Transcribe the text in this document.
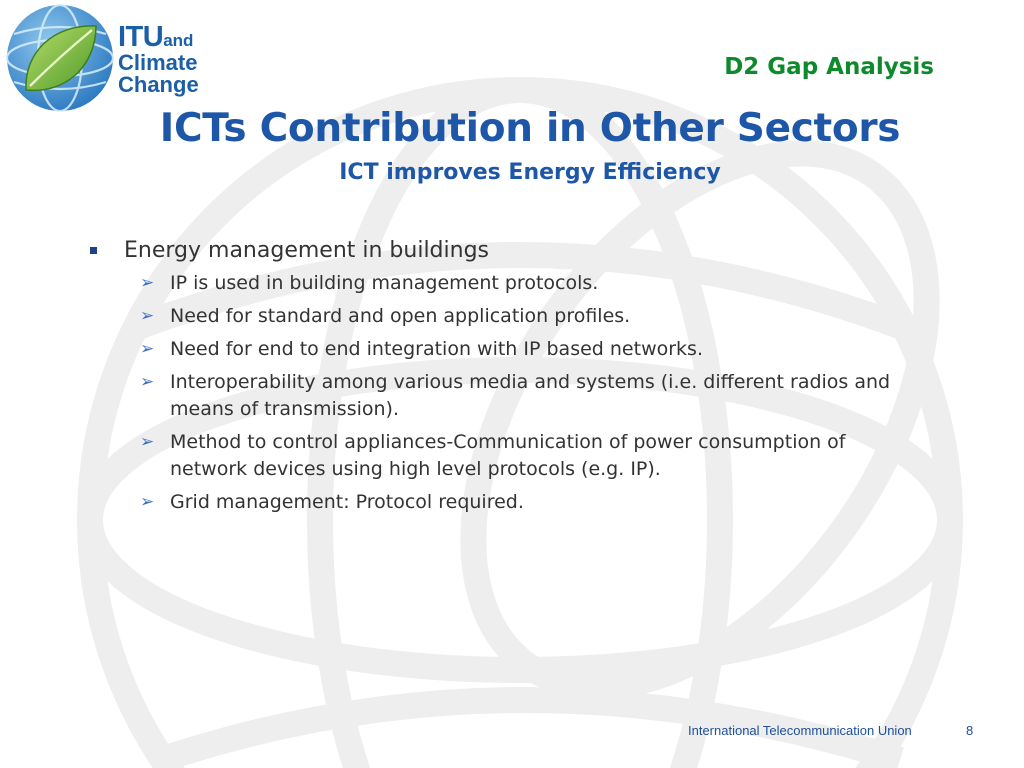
ITUand
Climate
Change
D2 Gap Analysis
ICTs Contribution in Other Sectors
ICT improves Energy Efficiency
Energy management in buildings
➢ IP is used in building management protocols.
➢ Need for standard and open application profiles.
➢ Need for end to end integration with IP based networks.
➢ Interoperability among various media and systems (i.e. different radios and means of transmission).
➢ Method to control appliances-Communication of power consumption of network devices using high level protocols (e.g. IP).
➢ Grid management: Protocol required.
International Telecommunication Union	8
